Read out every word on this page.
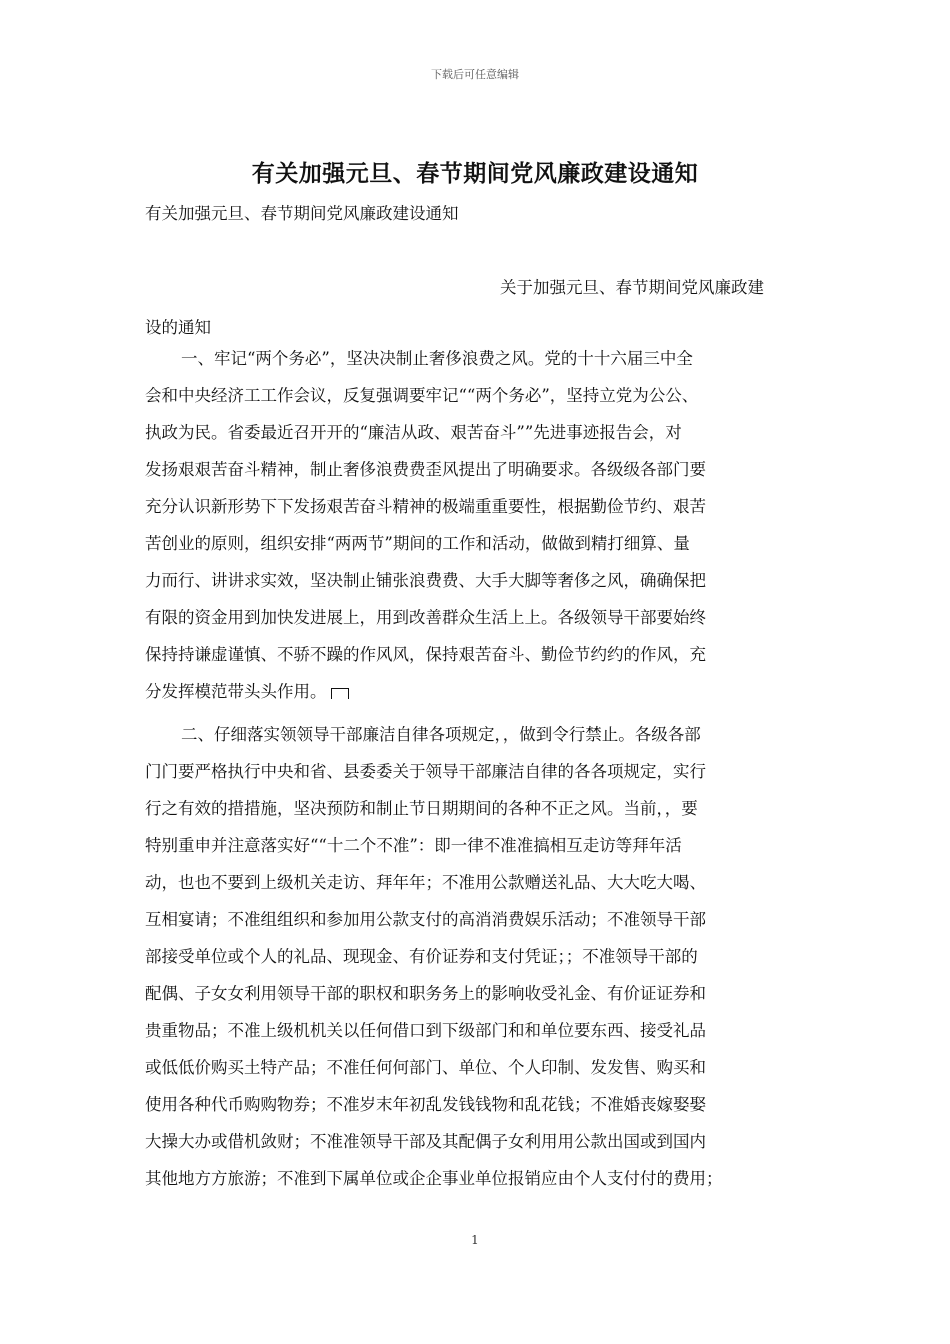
下载后可任意编辑
有关加强元旦、春节期间党风廉政建设通知
有关加强元旦、春节期间党风廉政建设通知
关于加强元旦、春节期间党风廉政建
设的通知
一、牢记“两个务必”，坚决决制止奢侈浪费之风。党的十十六届三中全
会和中央经济工工作会议，反复强调要牢记““两个务必”，坚持立党为公公、
执政为民。省委最近召开开的“廉洁从政、艰苦奋斗””先进事迹报告会，对
发扬艰艰苦奋斗精神，制止奢侈浪费费歪风提出了明确要求。各级级各部门要
充分认识新形势下下发扬艰苦奋斗精神的极端重重要性，根据勤俭节约、艰苦
苦创业的原则，组织安排“两两节”期间的工作和活动，做做到精打细算、量
力而行、讲讲求实效，坚决制止铺张浪费费、大手大脚等奢侈之风，确确保把
有限的资金用到加快发进展上，用到改善群众生活上上。各级领导干部要始终
保持持谦虚谨慎、不骄不躁的作风风，保持艰苦奋斗、勤俭节约约的作风，充
分发挥模范带头头作用。
二、仔细落实领领导干部廉洁自律各项规定，，做到令行禁止。各级各部
门门要严格执行中央和省、县委委关于领导干部廉洁自律的各各项规定，实行
行之有效的措措施，坚决预防和制止节日期期间的各种不正之风。当前，，要
特别重申并注意落实好““十二个不准”：即一律不准准搞相互走访等拜年活
动，也也不要到上级机关走访、拜年年；不准用公款赠送礼品、大大吃大喝、
互相宴请；不准组组织和参加用公款支付的高消消费娱乐活动；不准领导干部
部接受单位或个人的礼品、现现金、有价证券和支付凭证；；不准领导干部的
配偶、子女女利用领导干部的职权和职务务上的影响收受礼金、有价证证券和
贵重物品；不准上级机机关以任何借口到下级部门和和单位要东西、接受礼品
或低低价购买土特产品；不准任何何部门、单位、个人印制、发发售、购买和
使用各种代币购购物券；不准岁末年初乱发钱钱物和乱花钱；不准婚丧嫁娶娶
大操大办或借机敛财；不准准领导干部及其配偶子女利用用公款出国或到国内
其他地方方旅游；不准到下属单位或企企事业单位报销应由个人支付付的费用；
1
